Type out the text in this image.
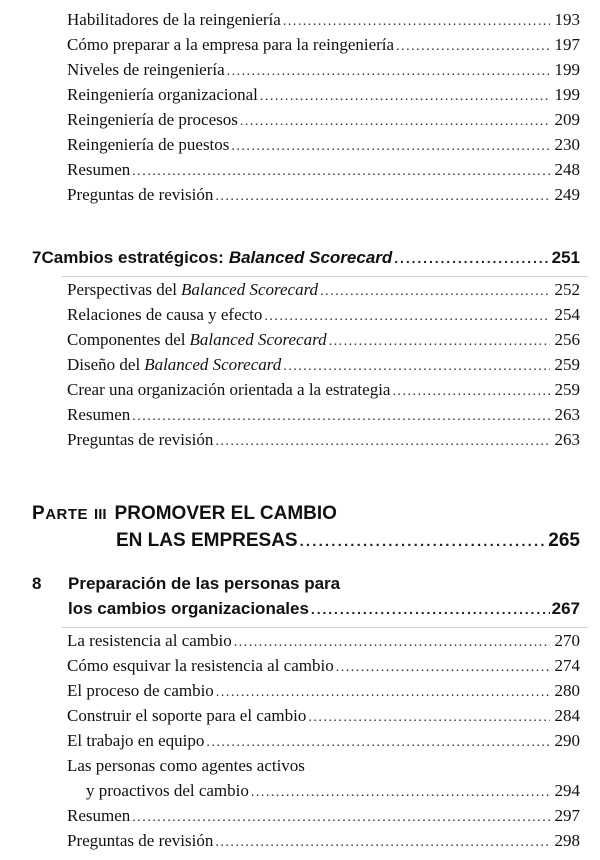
Habilitadores de la reingeniería . . .	193
Cómo preparar a la empresa para la reingeniería . . .	197
Niveles de reingeniería . . .	199
Reingeniería organizacional . . .	199
Reingeniería de procesos . . .	209
Reingeniería de puestos . . .	230
Resumen . . .	248
Preguntas de revisión . . .	249
7 Cambios estratégicos: Balanced Scorecard . . .	251
Perspectivas del Balanced Scorecard . . .	252
Relaciones de causa y efecto . . .	254
Componentes del Balanced Scorecard . . .	256
Diseño del Balanced Scorecard . . .	259
Crear una organización orientada a la estrategia . . .	259
Resumen . . .	263
Preguntas de revisión . . .	263
PARTE III PROMOVER EL CAMBIO
EN LAS EMPRESAS . . .	265
8	Preparación de las personas para
los cambios organizacionales . . .	267
La resistencia al cambio . . .	270
Cómo esquivar la resistencia al cambio . . .	274
El proceso de cambio . . .	280
Construir el soporte para el cambio . . .	284
El trabajo en equipo . . .	290
Las personas como agentes activos
y proactivos del cambio . . .	294
Resumen . . .	297
Preguntas de revisión . . .	298
